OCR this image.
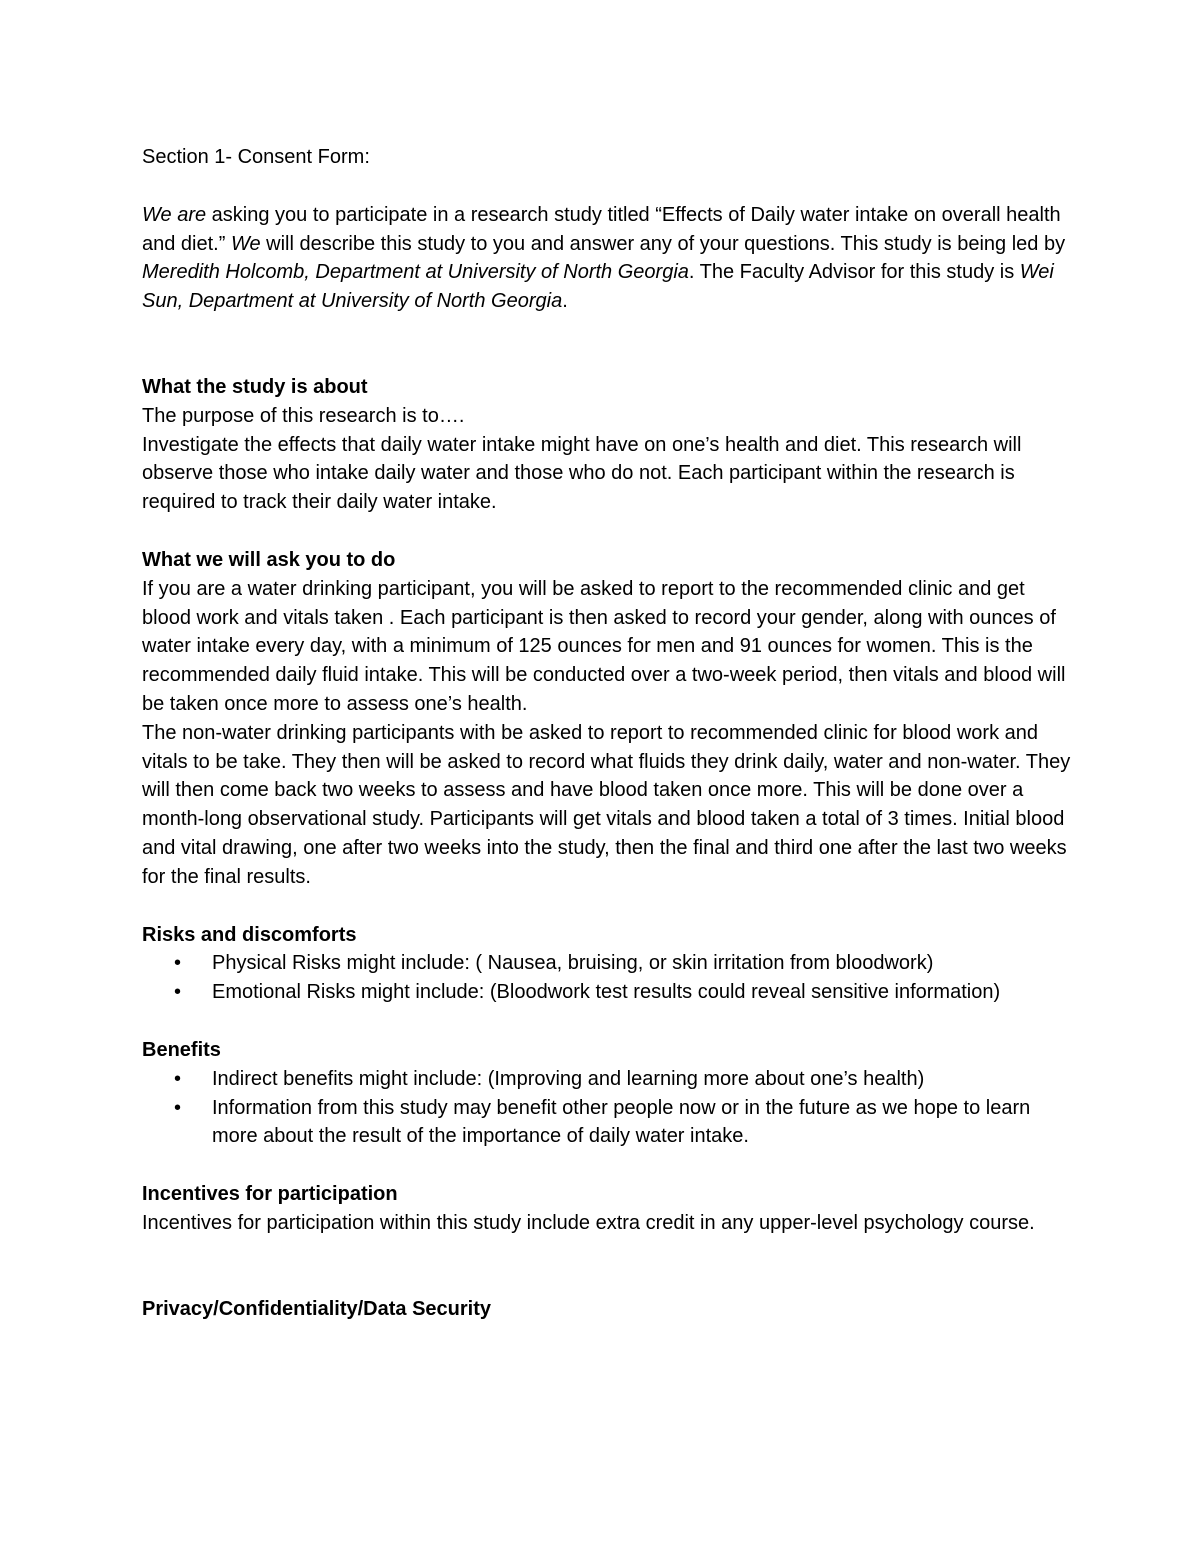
Section 1- Consent Form:

We are asking you to participate in a research study titled “Effects of Daily water intake on overall health and diet.” We will describe this study to you and answer any of your questions. This study is being led by Meredith Holcomb, Department at University of North Georgia. The Faculty Advisor for this study is Wei Sun, Department at University of North Georgia.

What the study is about

The purpose of this research is to….

Investigate the effects that daily water intake might have on one’s health and diet. This research will observe those who intake daily water and those who do not. Each participant within the research is required to track their daily water intake.

What we will ask you to do

If you are a water drinking participant, you will be asked to report to the recommended clinic and get blood work and vitals taken . Each participant is then asked to record your gender, along with ounces of water intake every day, with a minimum of 125 ounces for men and 91 ounces for women. This is the recommended daily fluid intake. This will be conducted over a two-week period, then vitals and blood will be taken once more to assess one’s health.

The non-water drinking participants with be asked to report to recommended clinic for blood work and vitals to be take. They then will be asked to record what fluids they drink daily, water and non-water. They will then come back two weeks to assess and have blood taken once more. This will be done over a month-long observational study. Participants will get vitals and blood taken a total of 3 times. Initial blood and vital drawing, one after two weeks into the study, then the final and third one after the last two weeks for the final results.

Risks and discomforts
• Physical Risks might include: ( Nausea, bruising, or skin irritation from bloodwork)
• Emotional Risks might include: (Bloodwork test results could reveal sensitive information)
Benefits
• Indirect benefits might include: (Improving and learning more about one’s health)
• Information from this study may benefit other people now or in the future as we hope to learn more about the result of the importance of daily water intake.
Incentives for participation

Incentives for participation within this study include extra credit in any upper-level psychology course.

Privacy/Confidentiality/Data Security
